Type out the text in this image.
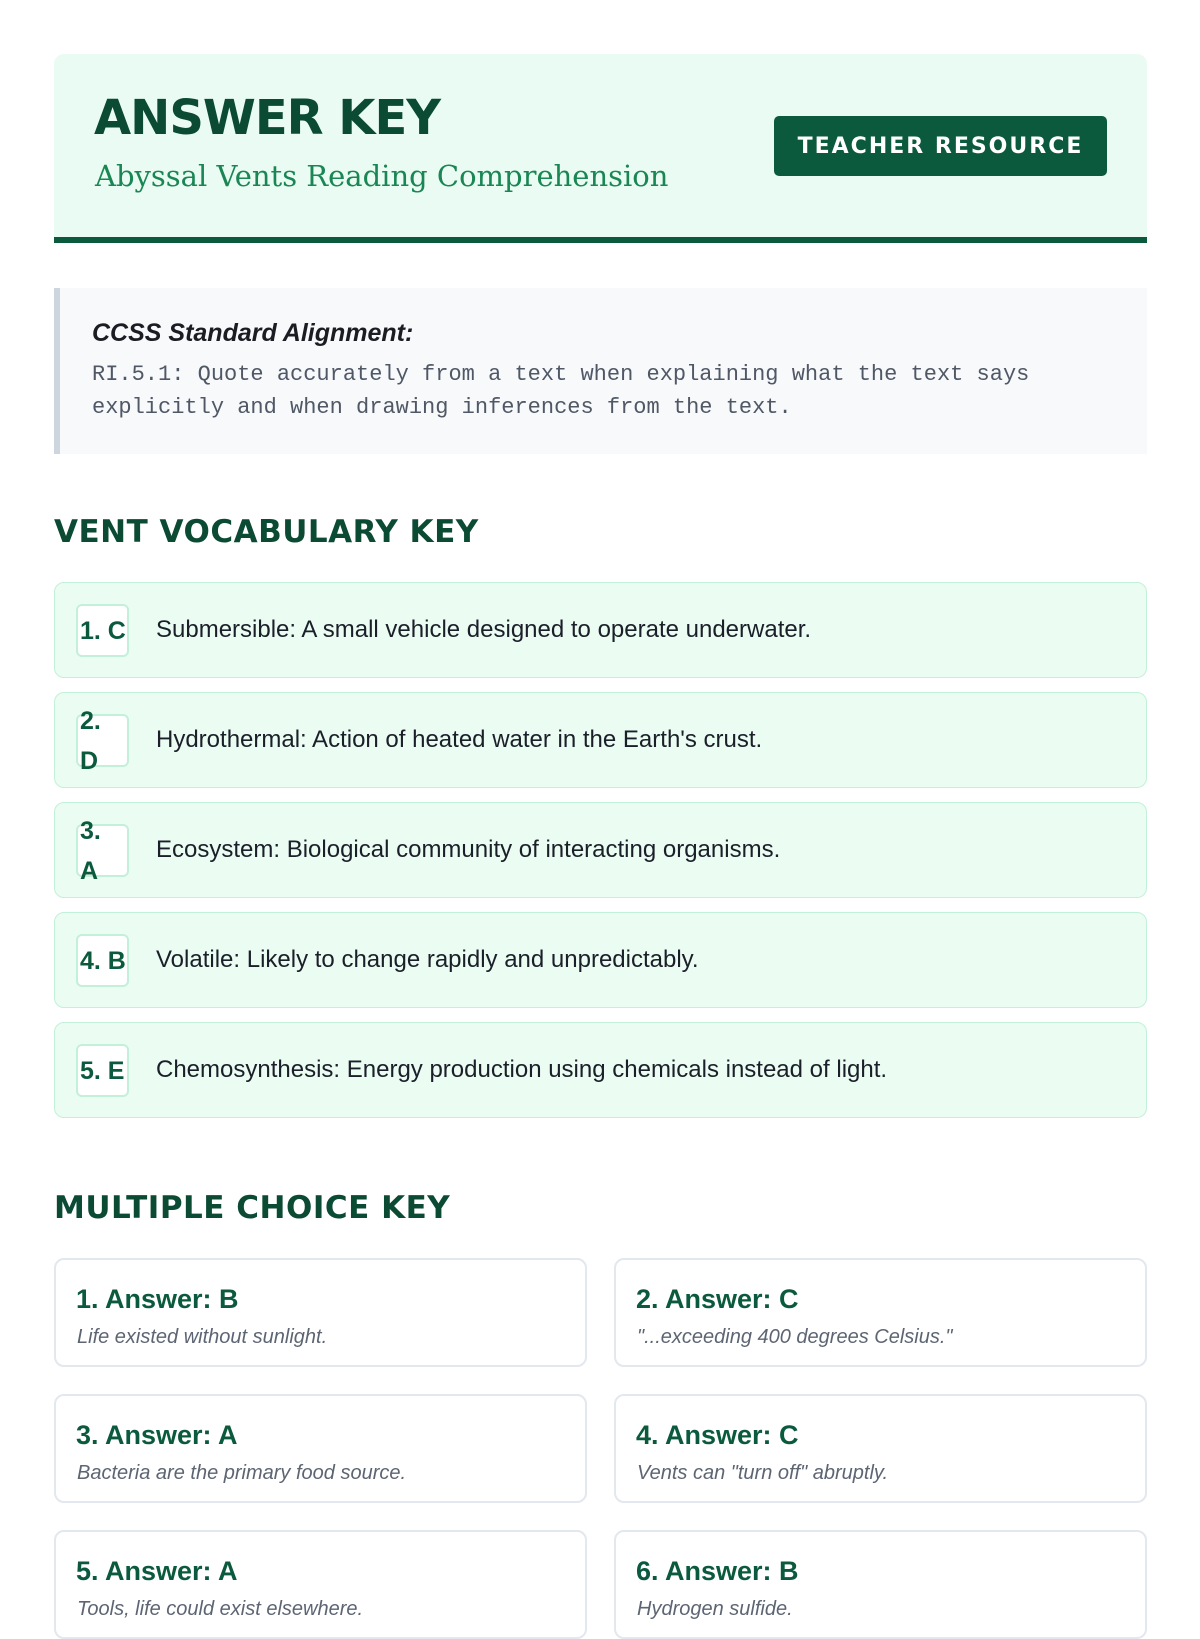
ANSWER KEY

Abyssal Vents Reading Comprehension

TEACHER RESOURCE

CCSS Standard Alignment:

RI.5.1: Quote accurately from a text when explaining what the text says explicitly and when drawing inferences from the text.

VENT VOCABULARY KEY
1. C Submersible: A small vehicle designed to operate underwater.
2. D
Hydrothermal: Action of heated water in the Earth's crust.
3. A
Ecosystem: Biological community of interacting organisms.
4. B Volatile: Likely to change rapidly and unpredictably.
5. E Chemosynthesis: Energy production using chemicals instead of light.
MULTIPLE CHOICE KEY

1. Answer: B

Life existed without sunlight.

2. Answer: C

"...exceeding 400 degrees Celsius."

3. Answer: A

Bacteria are the primary food source.

4. Answer: C

Vents can "turn off" abruptly.

5. Answer: A

Tools, life could exist elsewhere.

6. Answer: B

Hydrogen sulfide.
